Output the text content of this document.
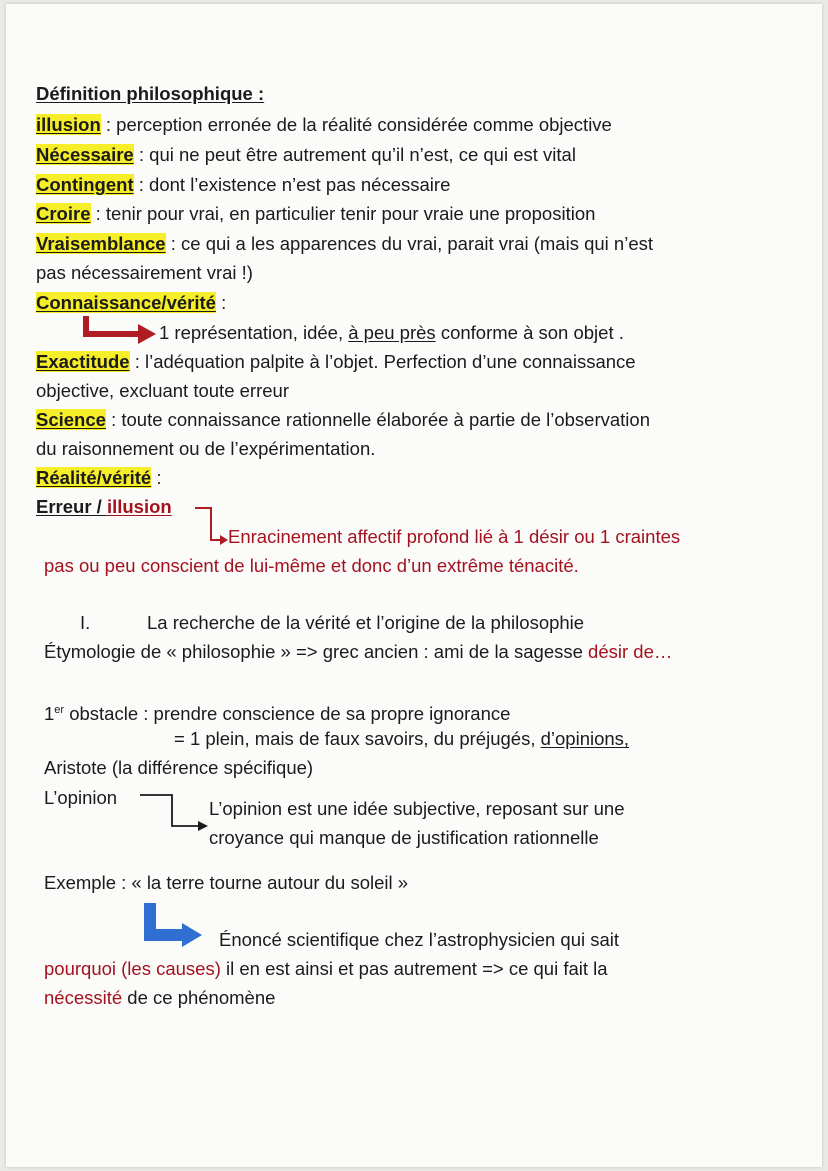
Définition philosophique :
illusion : perception erronée de la réalité considérée comme objective
Nécessaire : qui ne peut être autrement qu’il n’est, ce qui est vital
Contingent : dont l’existence n’est pas nécessaire
Croire : tenir pour vrai, en particulier tenir pour vraie une proposition
Vraisemblance : ce qui a les apparences du vrai, parait vrai (mais qui n’est
pas nécessairement vrai !)
Connaissance/vérité :
1 représentation, idée, à peu près conforme à son objet .
Exactitude : l’adéquation palpite à l’objet. Perfection d’une connaissance
objective, excluant toute erreur
Science : toute connaissance rationnelle élaborée à partie de l’observation
du raisonnement ou de l’expérimentation.
Réalité/vérité :
Erreur / illusion
Enracinement affectif profond lié à 1 désir ou 1 craintes
pas ou peu conscient de lui-même et donc d’un extrême ténacité.
I.	La recherche de la vérité et l’origine de la philosophie
Étymologie de « philosophie » => grec ancien : ami de la sagesse désir de…
1er obstacle : prendre conscience de sa propre ignorance
= 1 plein, mais de faux savoirs, du préjugés, d’opinions,
Aristote (la différence spécifique)
L’opinion
L’opinion est une idée subjective, reposant sur une
croyance qui manque de justification rationnelle
Exemple : « la terre tourne autour du soleil »
Énoncé scientifique chez l’astrophysicien qui sait
pourquoi (les causes) il en est ainsi et pas autrement => ce qui fait la
nécessité de ce phénomène
